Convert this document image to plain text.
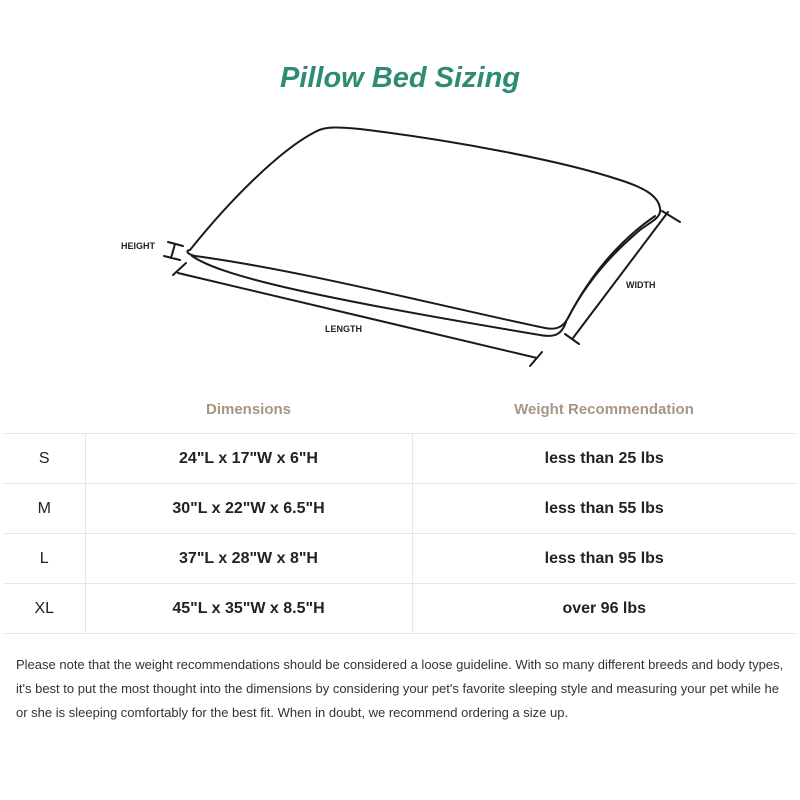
Pillow Bed Sizing
HEIGHT
LENGTH
WIDTH
	Dimensions	Weight Recommendation
S	24"L x 17"W x 6"H	less than 25 lbs
M	30"L x 22"W x 6.5"H	less than 55 lbs
L	37"L x 28"W x 8"H	less than 95 lbs
XL	45"L x 35"W x 8.5"H	over 96 lbs

Please note that the weight recommendations should be considered a loose guideline. With so many different breeds and body types, it's best to put the most thought into the dimensions by considering your pet's favorite sleeping style and measuring your pet while he or she is sleeping comfortably for the best fit. When in doubt, we recommend ordering a size up.
